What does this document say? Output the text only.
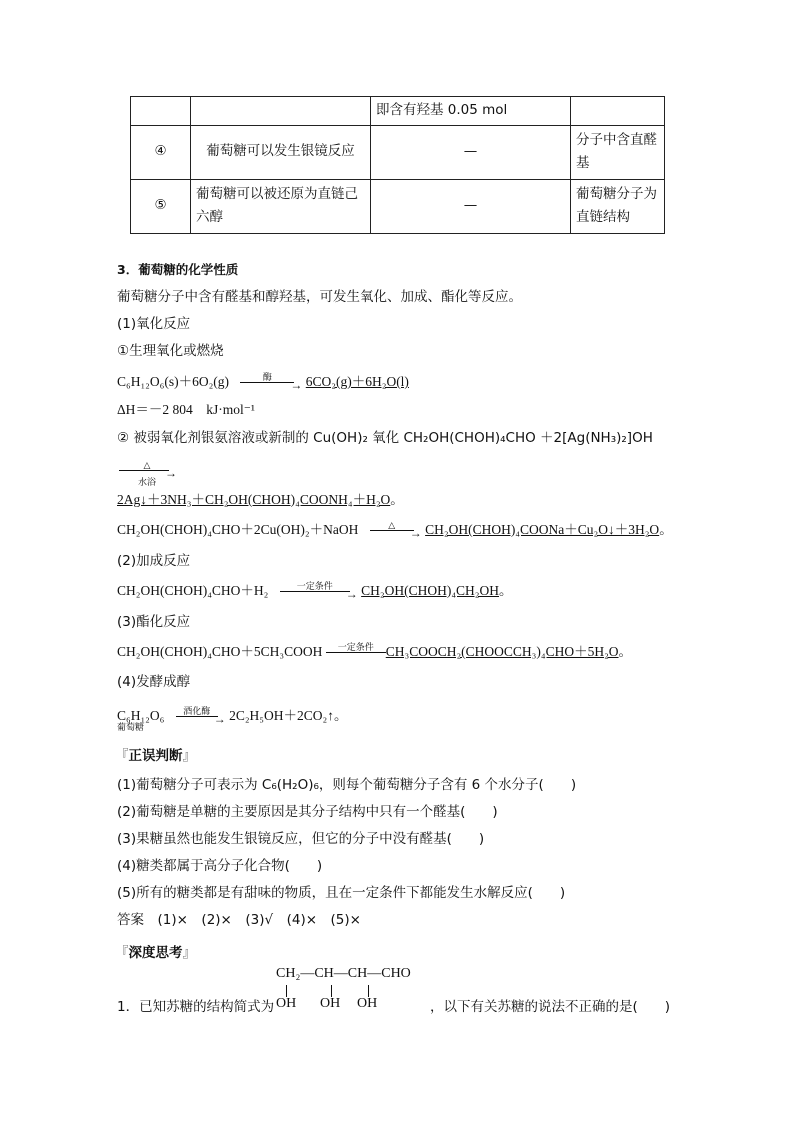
		即含有羟基 0.05 mol	
④	葡萄糖可以发生银镜反应	—	分子中含直醛基
⑤	葡萄糖可以被还原为直链己六醇	—	葡萄糖分子为直链结构
3．葡萄糖的化学性质
葡萄糖分子中含有醛基和醇羟基，可发生氧化、加成、酯化等反应。
(1)氧化反应
①生理氧化或燃烧
C₆H₁₂O₆(s)＋6O₂(g)	酶
→ 6CO₂(g)＋6H₂O(l)
ΔH＝－2 804　kJ·mol⁻¹
② 被弱氧化剂银氨溶液或新制的 Cu(OH)₂ 氧化 CH₂OH(CHOH)₄CHO ＋2[Ag(NH₃)₂]OH
△
水浴
→
2Ag↓＋3NH₃＋CH₂OH(CHOH)₄COONH₄＋H₂O。
CH₂OH(CHOH)₄CHO＋2Cu(OH)₂＋NaOH	△
→ CH₂OH(CHOH)₄COONa＋Cu₂O↓＋3H₂O。
(2)加成反应
CH₂OH(CHOH)₄CHO＋H₂	一定条件
→ CH₂OH(CHOH)₄CH₂OH。
(3)酯化反应
CH₂OH(CHOH)₄CHO＋5CH₃COOH	一定条件 CH₃COOCH₂(CHOOCCH₃)₄CHO＋5H₂O。
(4)发酵成醇
C₆H₁₂O₆
葡萄糖

酒化酶
→ 2C₂H₅OH＋2CO₂↑。
『正误判断』
(1)葡萄糖分子可表示为 C₆(H₂O)₆，则每个葡萄糖分子含有 6 个水分子(　　)
(2)葡萄糖是单糖的主要原因是其分子结构中只有一个醛基(　　)
(3)果糖虽然也能发生银镜反应，但它的分子中没有醛基(　　)
(4)糖类都属于高分子化合物(　　)
(5)所有的糖类都是有甜味的物质，且在一定条件下都能发生水解反应(　　)
答案　(1)×　(2)×　(3)√　(4)×　(5)×
『深度思考』
CH₂—CH—CH—CHO
1．已知苏糖的结构简式为 OH OH OH	，以下有关苏糖的说法不正确的是(　　)
